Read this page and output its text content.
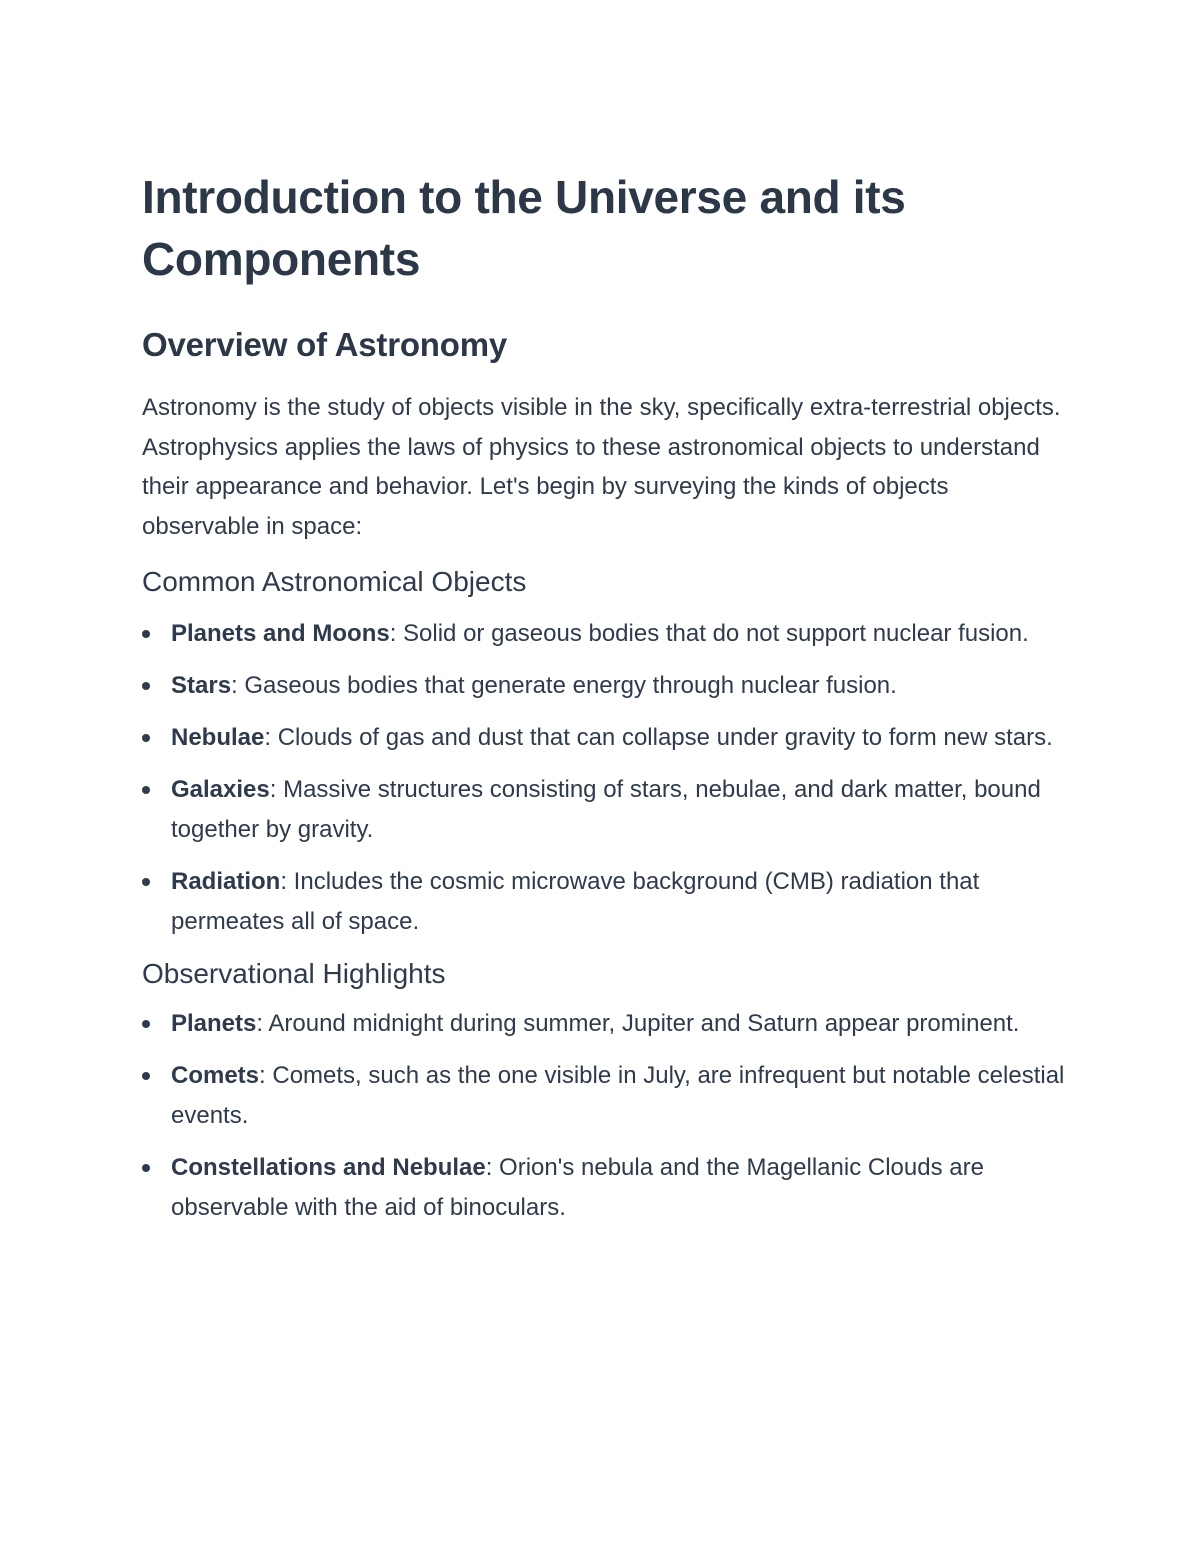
Introduction to the Universe and its Components
Overview of Astronomy

Astronomy is the study of objects visible in the sky, specifically extra-terrestrial objects. Astrophysics applies the laws of physics to these astronomical objects to understand their appearance and behavior. Let's begin by surveying the kinds of objects observable in space:

Common Astronomical Objects
Planets and Moons: Solid or gaseous bodies that do not support nuclear fusion.
Stars: Gaseous bodies that generate energy through nuclear fusion.
Nebulae: Clouds of gas and dust that can collapse under gravity to form new stars.
Galaxies: Massive structures consisting of stars, nebulae, and dark matter, bound together by gravity.
Radiation: Includes the cosmic microwave background (CMB) radiation that permeates all of space.
Observational Highlights
Planets: Around midnight during summer, Jupiter and Saturn appear prominent.
Comets: Comets, such as the one visible in July, are infrequent but notable celestial events.
Constellations and Nebulae: Orion's nebula and the Magellanic Clouds are observable with the aid of binoculars.
